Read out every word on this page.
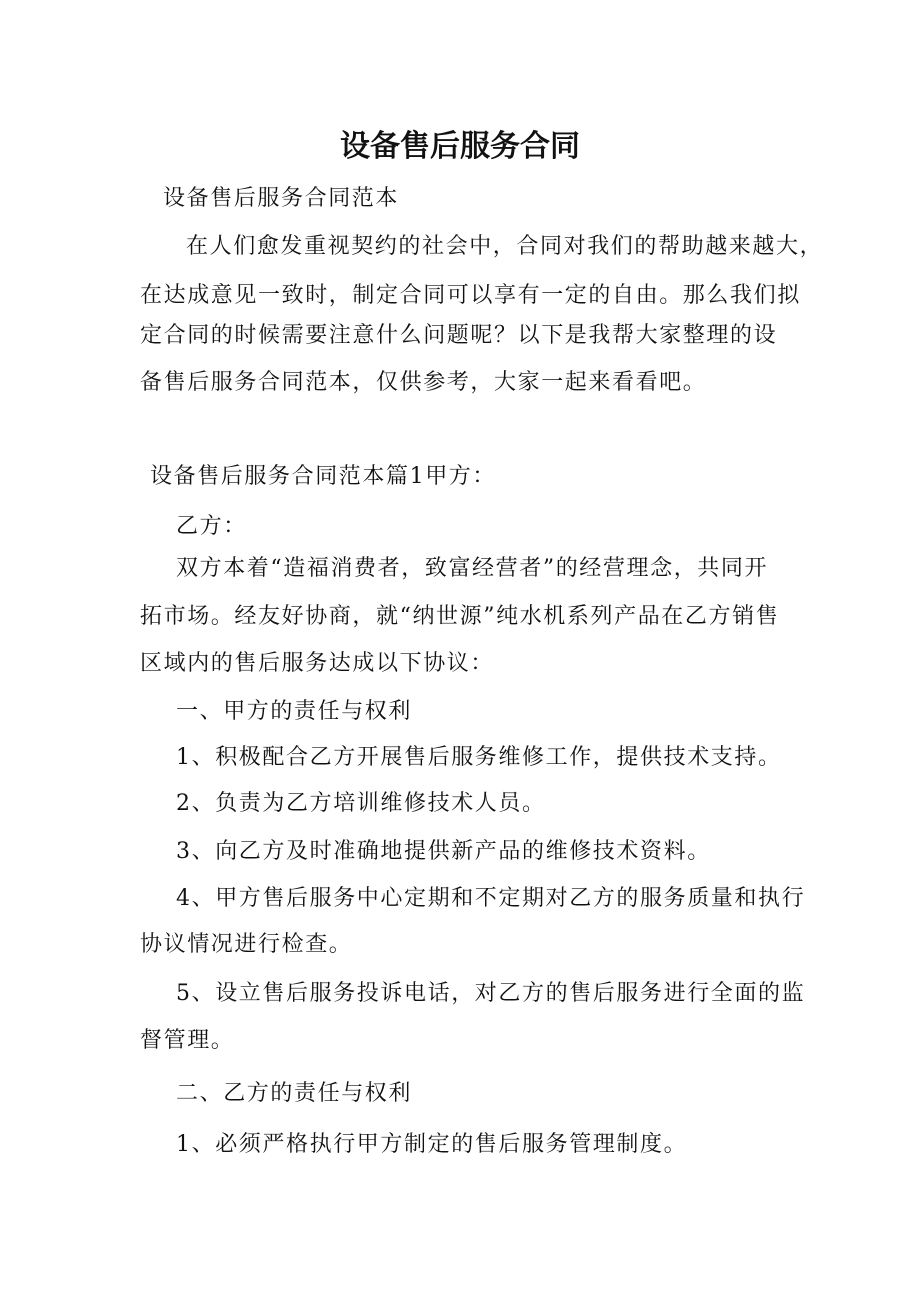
设备售后服务合同
设备售后服务合同范本
在人们愈发重视契约的社会中，合同对我们的帮助越来越大，
在达成意见一致时，制定合同可以享有一定的自由。那么我们拟
定合同的时候需要注意什么问题呢？以下是我帮大家整理的设
备售后服务合同范本，仅供参考，大家一起来看看吧。
设备售后服务合同范本篇1甲方：
乙方：
双方本着“造福消费者，致富经营者”的经营理念，共同开
拓市场。经友好协商，就“纳世源”纯水机系列产品在乙方销售
区域内的售后服务达成以下协议：
一、甲方的责任与权利
1、积极配合乙方开展售后服务维修工作，提供技术支持。
2、负责为乙方培训维修技术人员。
3、向乙方及时准确地提供新产品的维修技术资料。
4、甲方售后服务中心定期和不定期对乙方的服务质量和执行
协议情况进行检查。
5、设立售后服务投诉电话，对乙方的售后服务进行全面的监
督管理。
二、乙方的责任与权利
1、必须严格执行甲方制定的售后服务管理制度。
